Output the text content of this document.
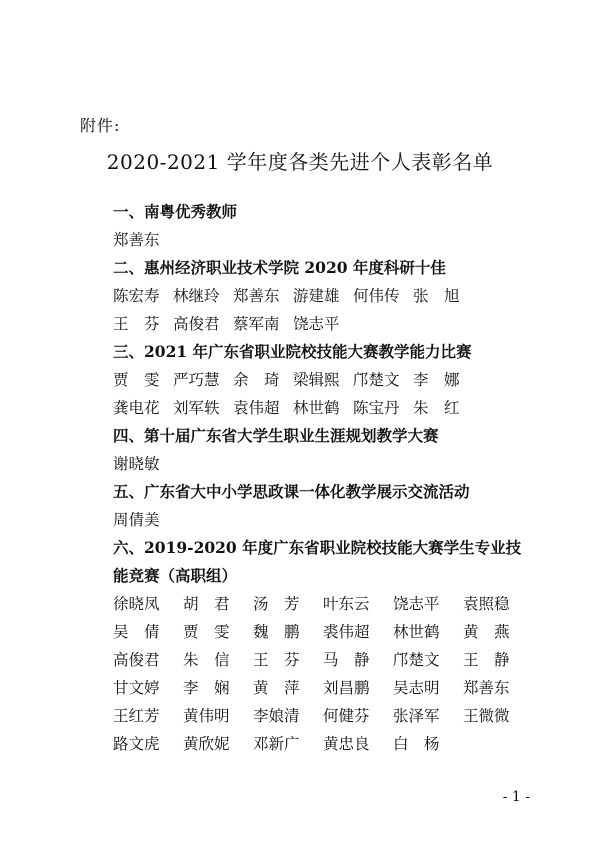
附件:
2020-2021 学年度各类先进个人表彰名单
一、南粤优秀教师
郑善东
二、惠州经济职业技术学院 2020 年度科研十佳
陈宏寿 林继玲 郑善东 游建雄 何伟传 张　旭
王　芬 高俊君 蔡军南 饶志平
三、2021 年广东省职业院校技能大赛教学能力比赛
贾　雯 严巧慧 余　琦 梁辑熙 邝楚文 李　娜
龚电花 刘军轶 袁伟超 林世鹤 陈宝丹 朱　红
四、第十届广东省大学生职业生涯规划教学大赛
谢晓敏
五、广东省大中小学思政课一体化教学展示交流活动
周倩美
六、2019-2020 年度广东省职业院校技能大赛学生专业技能竞赛（高职组）
徐晓凤	胡　君	汤　芳	叶东云	饶志平	袁照稳
吴　倩	贾　雯	魏　鹏	裘伟超	林世鹤	黄　燕
高俊君	朱　信	王　芬	马　静	邝楚文	王　静
甘文婷	李　娴	黄　萍	刘昌鹏	吴志明	郑善东
王红芳	黄伟明	李娘清	何健芬	张泽军	王微微
路文虎	黄欣妮	邓新广	黄忠良	白　杨
- 1 -
